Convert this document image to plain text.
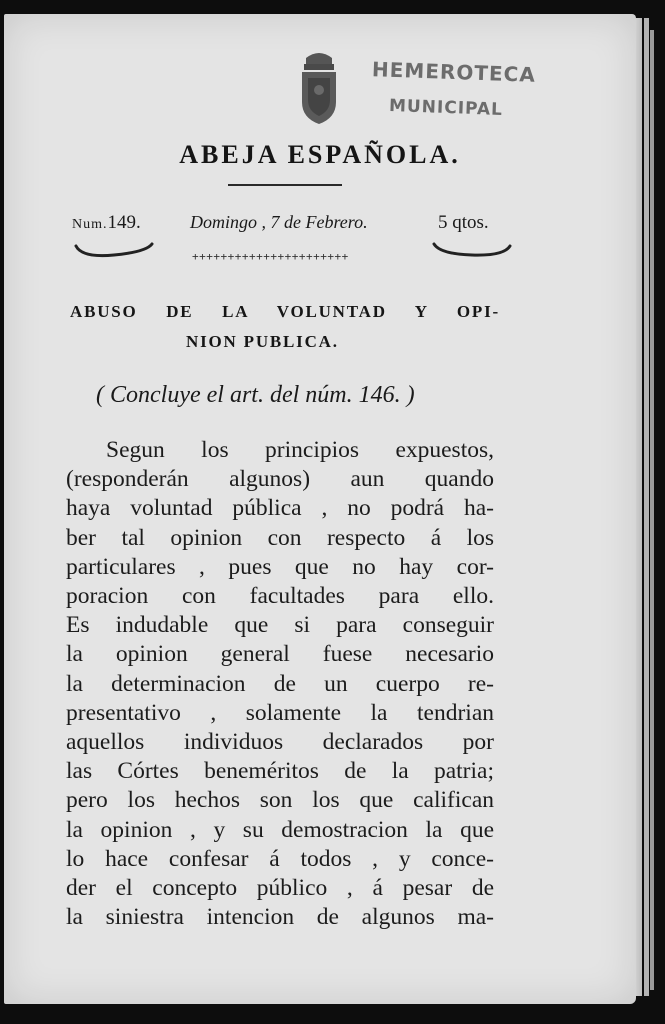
HEMEROTECA
MUNICIPAL
ABEJA ESPAÑOLA.
Num.149.	Domingo , 7 de Febrero.	5 qtos.
++++++++++++++++++++++
ABUSO DE LA VOLUNTAD Y OPI-
NION PUBLICA.
( Concluye el art. del núm. 146. )
Segun los principios expuestos,
(responderán algunos) aun quando
haya voluntad pública , no podrá ha-
ber tal opinion con respecto á los
particulares , pues que no hay cor-
poracion con facultades para ello.
Es indudable que si para conseguir
la opinion general fuese necesario
la determinacion de un cuerpo re-
presentativo , solamente la tendrian
aquellos individuos declarados por
las Córtes beneméritos de la patria;
pero los hechos son los que califican
la opinion , y su demostracion la que
lo hace confesar á todos , y conce-
der el concepto público , á pesar de
la siniestra intencion de algunos ma-
